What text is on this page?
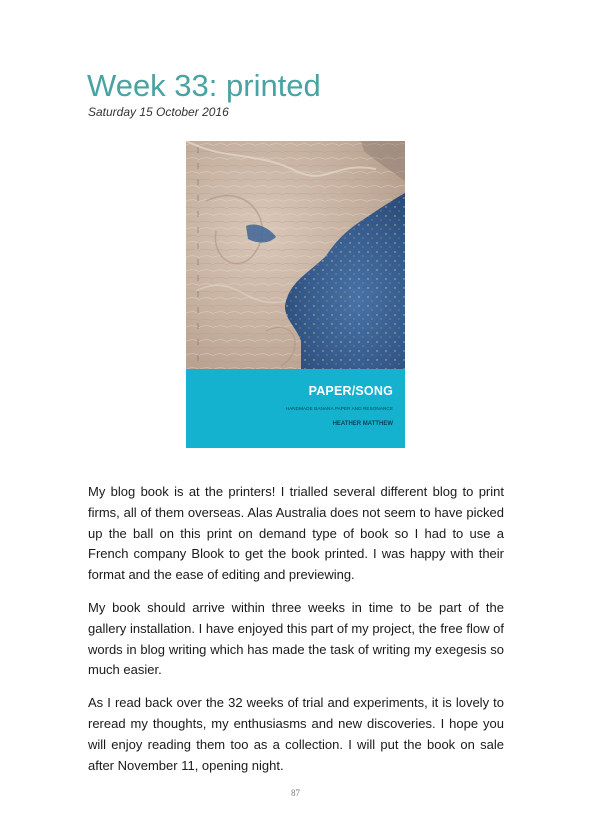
Week 33: printed
Saturday 15 October 2016
PAPER/SONG
HANDMADE BANANA PAPER AND RESONANCE
HEATHER MATTHEW

My blog book is at the printers! I trialled several different blog to print firms, all of them overseas. Alas Australia does not seem to have picked up the ball on this print on demand type of book so I had to use a French company Blook to get the book printed. I was happy with their format and the ease of editing and previewing.

My book should arrive within three weeks in time to be part of the gallery installation. I have enjoyed this part of my project, the free flow of words in blog writing which has made the task of writing my exegesis so much easier.

As I read back over the 32 weeks of trial and experiments, it is lovely to reread my thoughts, my enthusiasms and new discoveries. I hope you will enjoy reading them too as a collection. I will put the book on sale after November 11, opening night.

87
